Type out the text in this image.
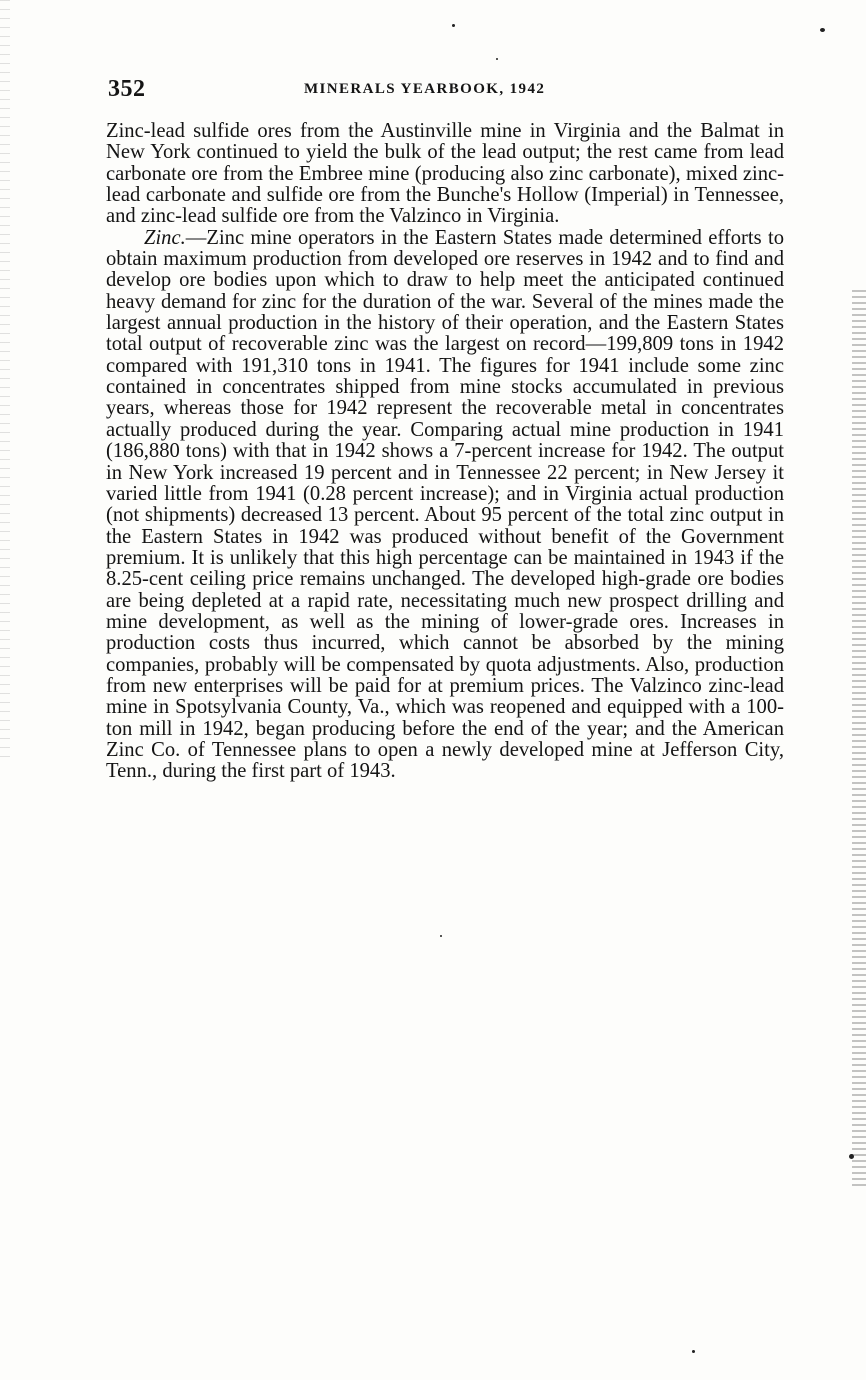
352	MINERALS YEARBOOK, 1942

Zinc-lead sulfide ores from the Austinville mine in Virginia and the Balmat in New York continued to yield the bulk of the lead output; the rest came from lead carbonate ore from the Embree mine (producing also zinc carbonate), mixed zinc-lead carbonate and sulfide ore from the Bunche's Hollow (Imperial) in Tennessee, and zinc-lead sulfide ore from the Valzinco in Virginia.

Zinc.—Zinc mine operators in the Eastern States made determined efforts to obtain maximum production from developed ore reserves in 1942 and to find and develop ore bodies upon which to draw to help meet the anticipated continued heavy demand for zinc for the duration of the war. Several of the mines made the largest annual production in the history of their operation, and the Eastern States total output of recoverable zinc was the largest on record—199,809 tons in 1942 compared with 191,310 tons in 1941. The figures for 1941 include some zinc contained in concentrates shipped from mine stocks accumulated in previous years, whereas those for 1942 represent the recoverable metal in concentrates actually produced during the year. Comparing actual mine production in 1941 (186,880 tons) with that in 1942 shows a 7-percent increase for 1942. The output in New York increased 19 percent and in Tennessee 22 percent; in New Jersey it varied little from 1941 (0.28 percent increase); and in Virginia actual production (not shipments) decreased 13 percent. About 95 percent of the total zinc output in the Eastern States in 1942 was produced without benefit of the Government premium. It is unlikely that this high percentage can be maintained in 1943 if the 8.25-cent ceiling price remains unchanged. The developed high-grade ore bodies are being depleted at a rapid rate, necessitating much new prospect drilling and mine development, as well as the mining of lower-grade ores. Increases in production costs thus incurred, which cannot be absorbed by the mining companies, probably will be compensated by quota adjustments. Also, production from new enterprises will be paid for at premium prices. The Valzinco zinc-lead mine in Spotsylvania County, Va., which was reopened and equipped with a 100-ton mill in 1942, began producing before the end of the year; and the American Zinc Co. of Tennessee plans to open a newly developed mine at Jefferson City, Tenn., during the first part of 1943.
